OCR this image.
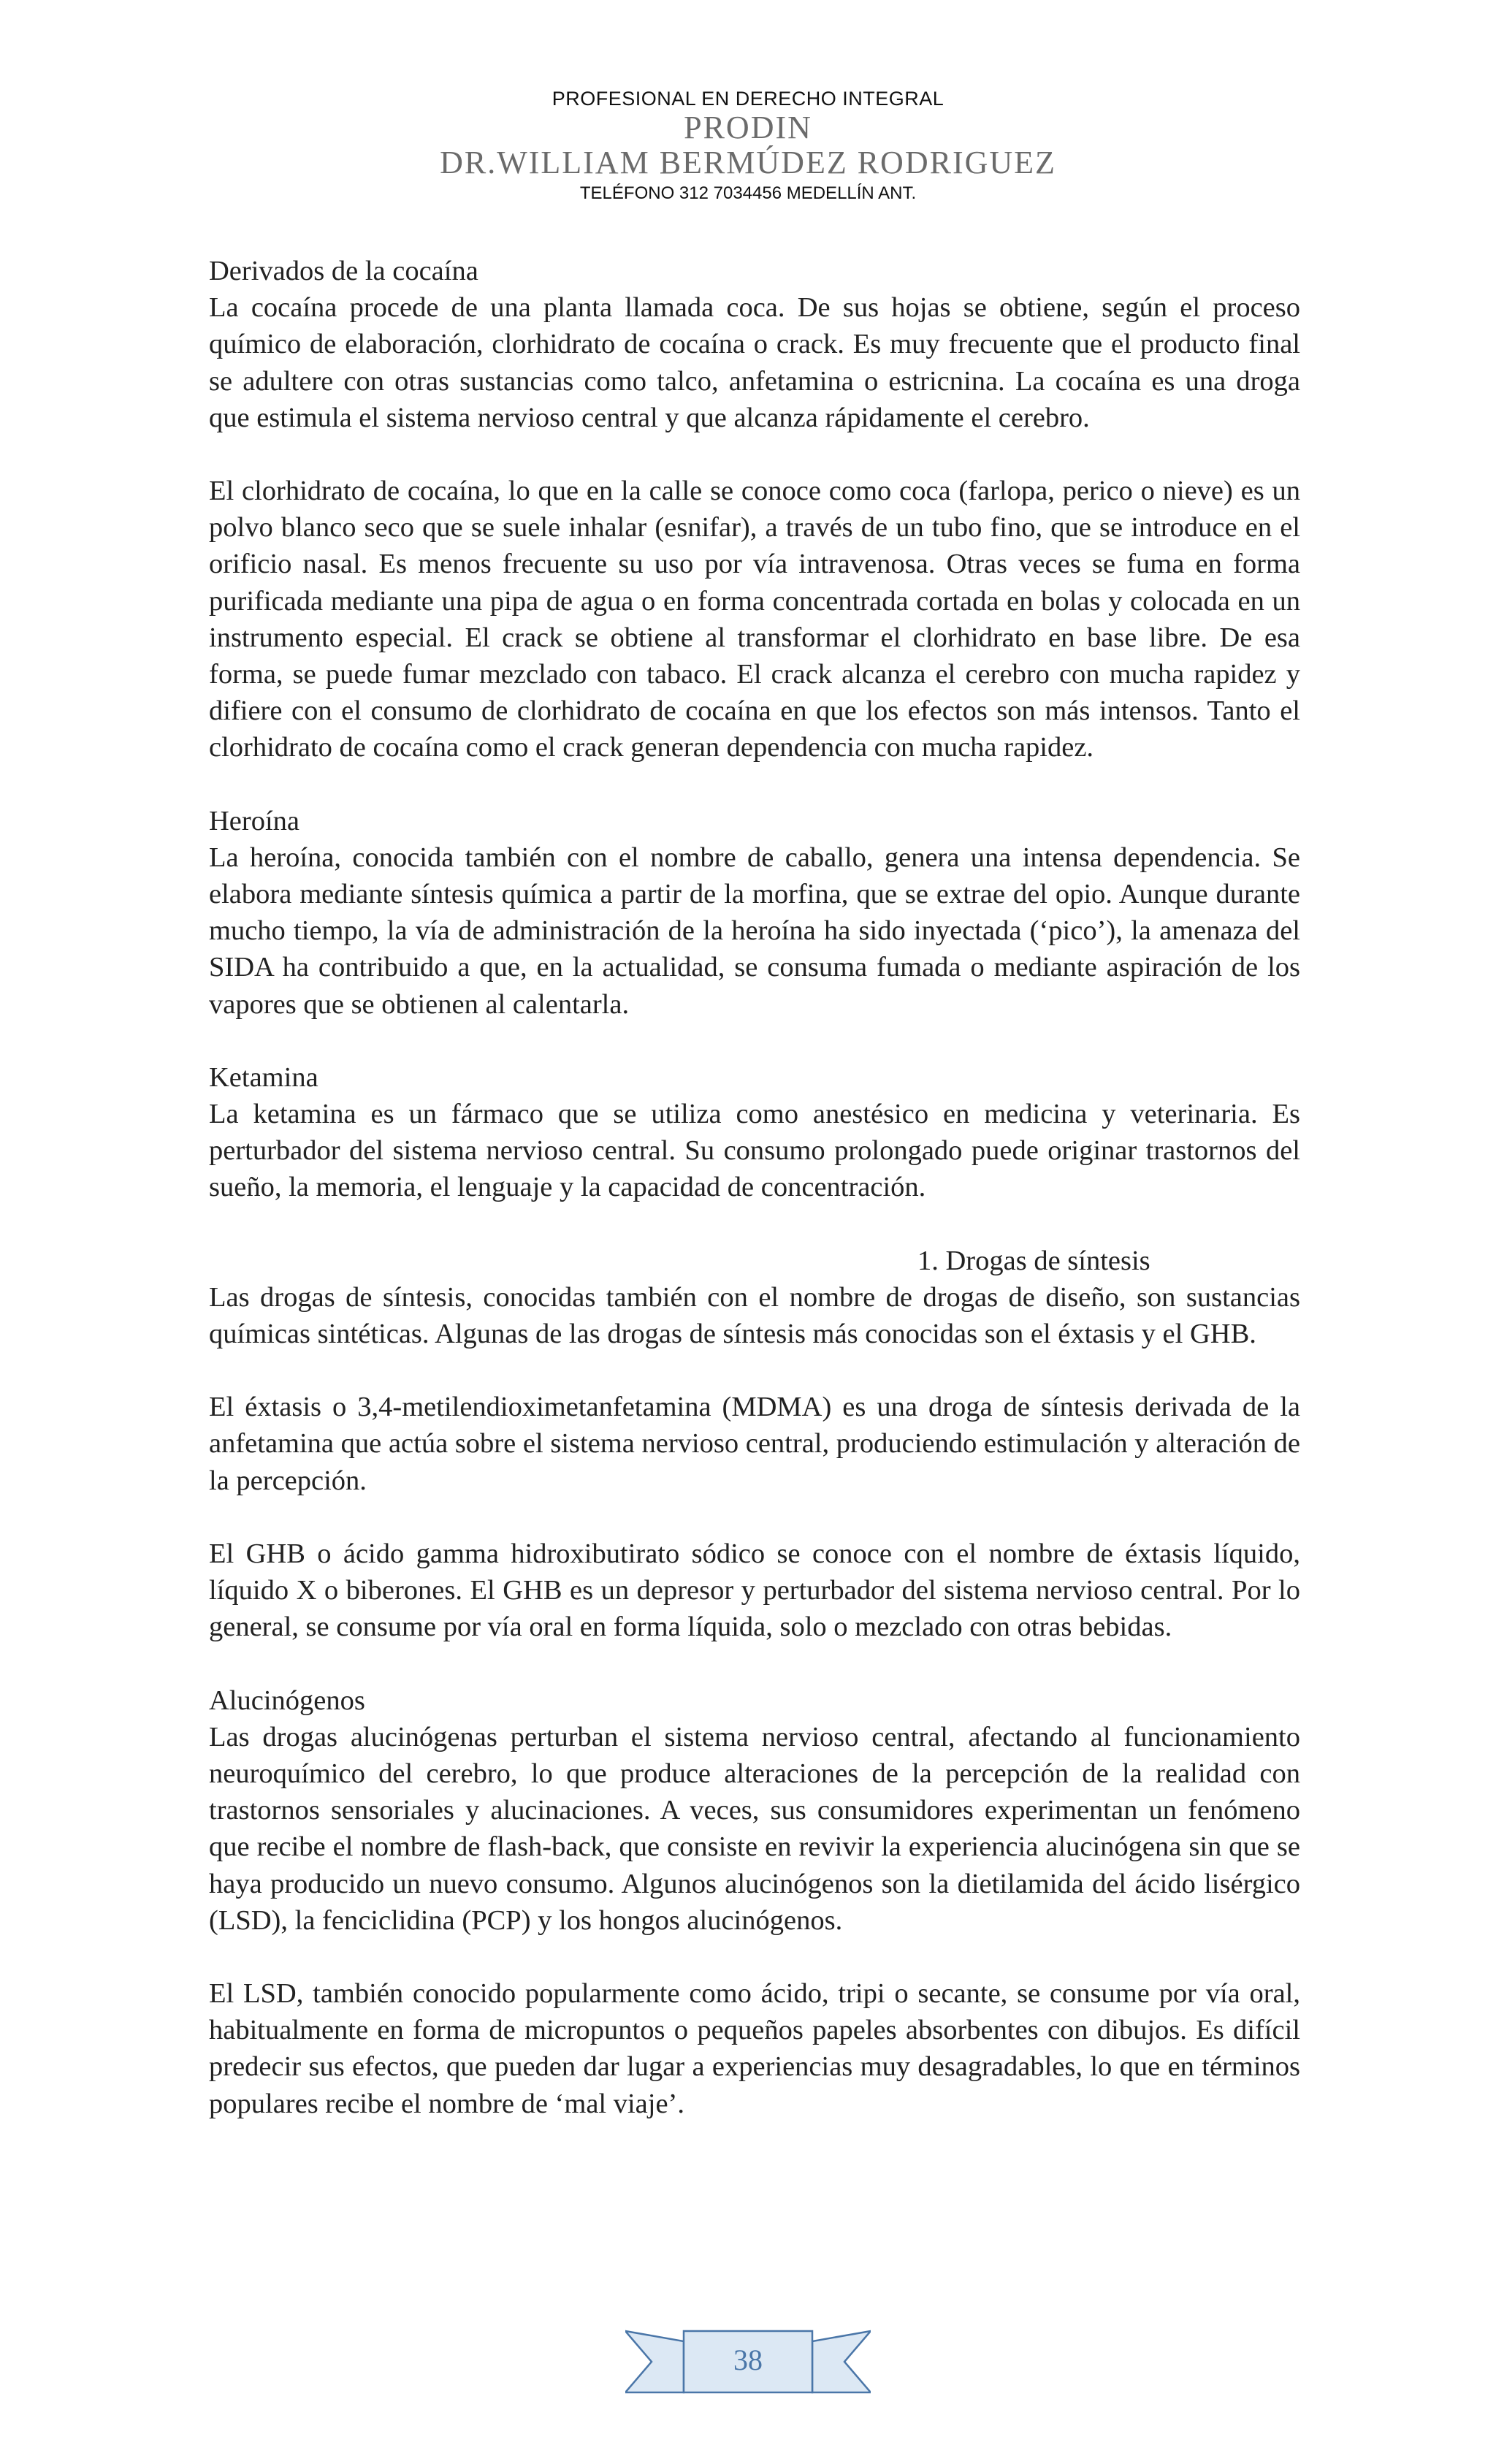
PROFESIONAL EN DERECHO INTEGRAL
PRODIN
DR.WILLIAM BERMÚDEZ RODRIGUEZ
TELÉFONO 312 7034456 MEDELLÍN ANT.
Derivados de la cocaína

La cocaína procede de una planta llamada coca. De sus hojas se obtiene, según el proceso químico de elaboración, clorhidrato de cocaína o crack. Es muy frecuente que el producto final se adultere con otras sustancias como talco, anfetamina o estricnina. La cocaína es una droga que estimula el sistema nervioso central y que alcanza rápidamente el cerebro.

El clorhidrato de cocaína, lo que en la calle se conoce como coca (farlopa, perico o nieve) es un polvo blanco seco que se suele inhalar (esnifar), a través de un tubo fino, que se introduce en el orificio nasal. Es menos frecuente su uso por vía intravenosa. Otras veces se fuma en forma purificada mediante una pipa de agua o en forma concentrada cortada en bolas y colocada en un instrumento especial. El crack se obtiene al transformar el clorhidrato en base libre. De esa forma, se puede fumar mezclado con tabaco. El crack alcanza el cerebro con mucha rapidez y difiere con el consumo de clorhidrato de cocaína en que los efectos son más intensos. Tanto el clorhidrato de cocaína como el crack generan dependencia con mucha rapidez.

Heroína

La heroína, conocida también con el nombre de caballo, genera una intensa dependencia. Se elabora mediante síntesis química a partir de la morfina, que se extrae del opio. Aunque durante mucho tiempo, la vía de administración de la heroína ha sido inyectada (‘pico’), la amenaza del SIDA ha contribuido a que, en la actualidad, se consuma fumada o mediante aspiración de los vapores que se obtienen al calentarla.

Ketamina

La ketamina es un fármaco que se utiliza como anestésico en medicina y veterinaria. Es perturbador del sistema nervioso central. Su consumo prolongado puede originar trastornos del sueño, la memoria, el lenguaje y la capacidad de concentración.

1. Drogas de síntesis

Las drogas de síntesis, conocidas también con el nombre de drogas de diseño, son sustancias químicas sintéticas. Algunas de las drogas de síntesis más conocidas son el éxtasis y el GHB.

El éxtasis o 3,4-metilendioximetanfetamina (MDMA) es una droga de síntesis derivada de la anfetamina que actúa sobre el sistema nervioso central, produciendo estimulación y alteración de la percepción.

El GHB o ácido gamma hidroxibutirato sódico se conoce con el nombre de éxtasis líquido, líquido X o biberones. El GHB es un depresor y perturbador del sistema nervioso central. Por lo general, se consume por vía oral en forma líquida, solo o mezclado con otras bebidas.

Alucinógenos

Las drogas alucinógenas perturban el sistema nervioso central, afectando al funcionamiento neuroquímico del cerebro, lo que produce alteraciones de la percepción de la realidad con trastornos sensoriales y alucinaciones. A veces, sus consumidores experimentan un fenómeno que recibe el nombre de flash-back, que consiste en revivir la experiencia alucinógena sin que se haya producido un nuevo consumo. Algunos alucinógenos son la dietilamida del ácido lisérgico (LSD), la fenciclidina (PCP) y los hongos alucinógenos.

El LSD, también conocido popularmente como ácido, tripi o secante, se consume por vía oral, habitualmente en forma de micropuntos o pequeños papeles absorbentes con dibujos. Es difícil predecir sus efectos, que pueden dar lugar a experiencias muy desagradables, lo que en términos populares recibe el nombre de ‘mal viaje’.

38
